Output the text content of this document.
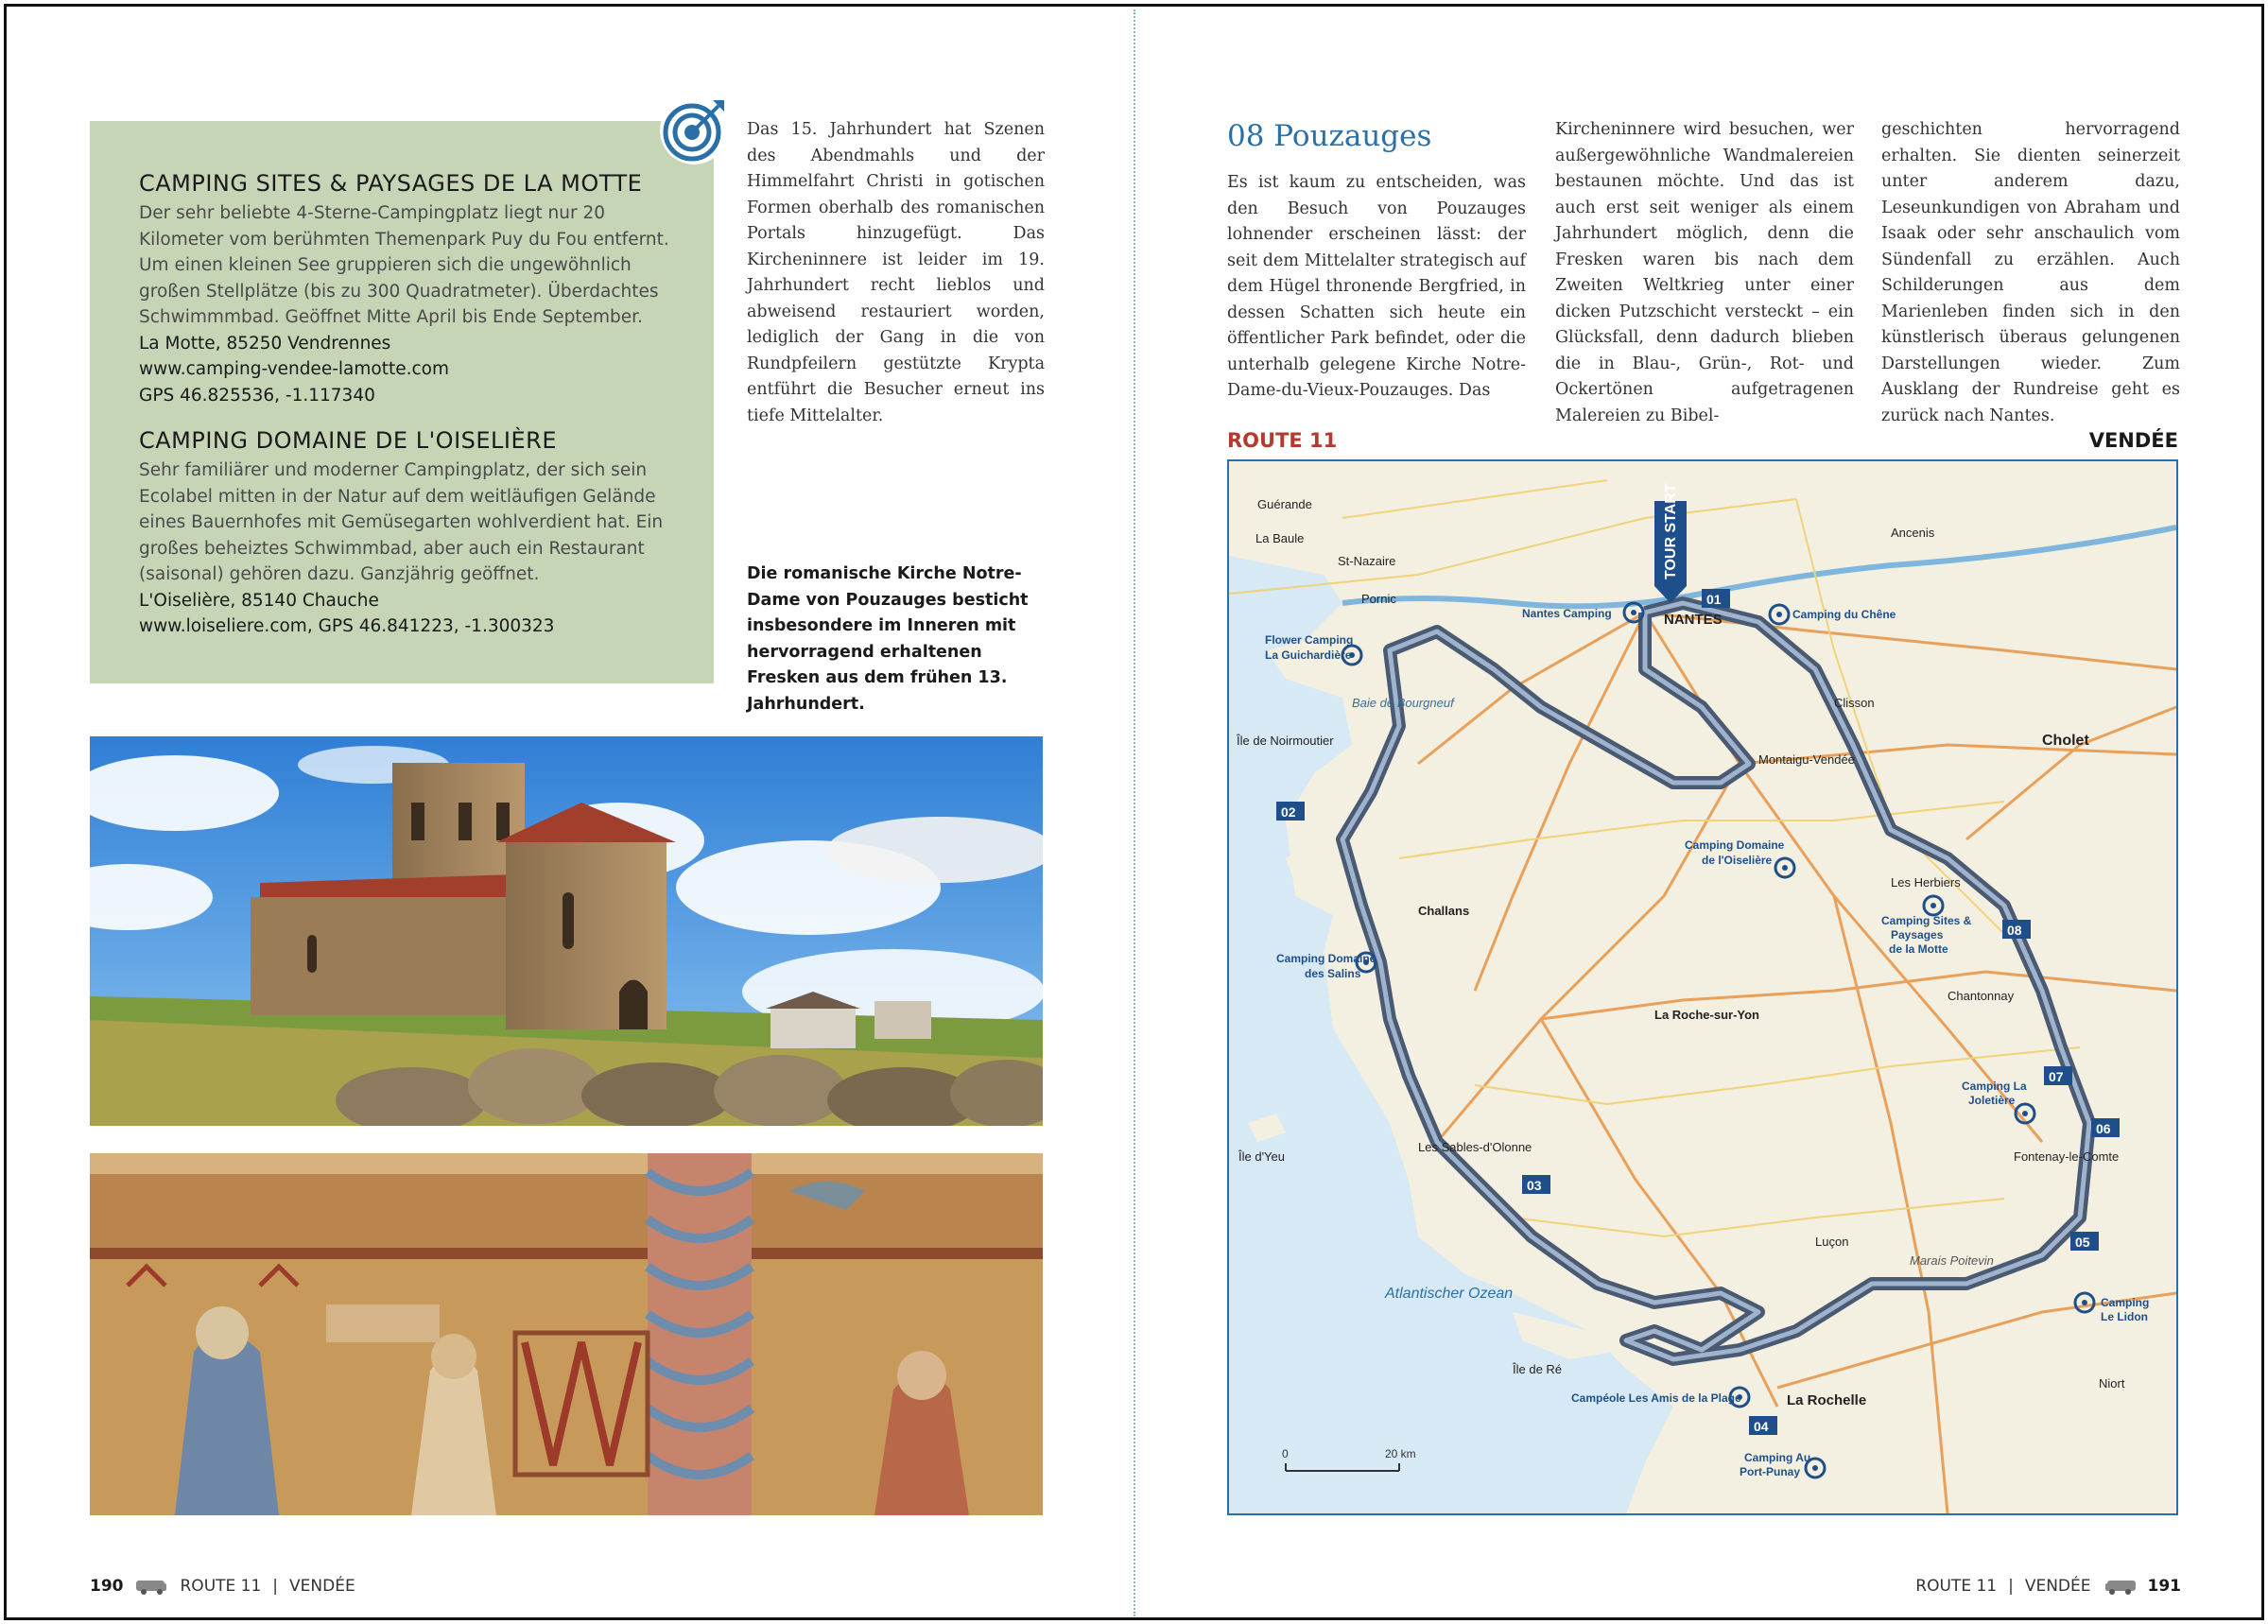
CAMPING SITES & PAYSAGES DE LA MOTTE

Der sehr beliebte 4-Sterne-Campingplatz liegt nur 20 Kilometer vom berühmten Themenpark Puy du Fou entfernt. Um einen kleinen See gruppieren sich die ungewöhnlich großen Stellplätze (bis zu 300 Quadratmeter). Überdachtes Schwimmmbad. Geöffnet Mitte April bis Ende September.

La Motte, 85250 Vendrennes

www.camping-vendee-lamotte.com

GPS 46.825536, -1.117340

CAMPING DOMAINE DE L'OISELIÈRE

Sehr familiärer und moderner Campingplatz, der sich sein Ecolabel mitten in der Natur auf dem weitläufigen Gelände eines Bauernhofes mit Gemüsegarten wohlverdient hat. Ein großes beheiztes Schwimmbad, aber auch ein Restaurant (saisonal) gehören dazu. Ganzjährig geöffnet.

L'Oiselière, 85140 Chauche

www.loiseliere.com, GPS 46.841223, -1.300323

Das 15. Jahrhundert hat Szenen des Abendmahls und der Himmelfahrt Christi in gotischen Formen oberhalb des romanischen Portals hinzugefügt. Das Kircheninnere ist leider im 19. Jahrhundert recht lieblos und abweisend restauriert worden, lediglich der Gang in die von Rundpfeilern gestützte Krypta entführt die Besucher erneut ins tiefe Mittelalter.
Die romanische Kirche Notre-Dame von Pouzauges besticht insbesondere im Inneren mit hervorragend erhaltenen Fresken aus dem frühen 13. Jahrhundert.
190	ROUTE 11 | VENDÉE
08 Pouzauges
Es ist kaum zu entscheiden, was den Besuch von Pouzauges lohnender erscheinen lässt: der seit dem Mittelalter strategisch auf dem Hügel thronende Bergfried, in dessen Schatten sich heute ein öffentlicher Park befindet, oder die unterhalb gelegene Kirche Notre-Dame-du-Vieux-Pouzauges. Das
Kircheninnere wird besuchen, wer außergewöhnliche Wandmalereien bestaunen möchte. Und das ist auch erst seit weniger als einem Jahrhundert möglich, denn die Fresken waren bis nach dem Zweiten Weltkrieg unter einer dicken Putzschicht versteckt – ein Glücksfall, denn dadurch blieben die in Blau-, Grün-, Rot- und Ockertönen aufgetragenen Malereien zu Bibel-
geschichten hervorragend erhalten. Sie dienten seinerzeit unter anderem dazu, Leseunkundigen von Abraham und Isaak oder sehr anschaulich vom Sündenfall zu erzählen. Auch Schilderungen aus dem Marienleben finden sich in den künstlerisch überaus gelungenen Darstellungen wieder. Zum Ausklang der Rundreise geht es zurück nach Nantes.
ROUTE 11	VENDÉE
TOUR START
01
02
03
04
05
06
07
08
Nantes Camping	Camping du Chêne
Flower Camping
La Guichardière
Camping Domaine
de l'Oiselière
Camping Sites &
Paysages
de la Motte
Camping Domaine
des Salins
Camping La
Joletière
Camping
Le Lidon
Campéole Les Amis de la Plage
Camping Au
Port-Punay
NANTES
Cholet
La Roche-sur-Yon
La Rochelle
St-Nazaire
Challans
Les Herbiers
Les Sables-d'Olonne
Île de Noirmoutier
Île d'Yeu
Île de Ré
Fontenay-le-Comte
Montaigu-Vendée
Guérande
La Baule
Baie de Bourgneuf	Clisson
Pornic
Chantonnay
Luçon
Marais Poitevin
Ancenis
Niort
Atlantischer Ozean
0	20 km
ROUTE 11 | VENDÉE	191
